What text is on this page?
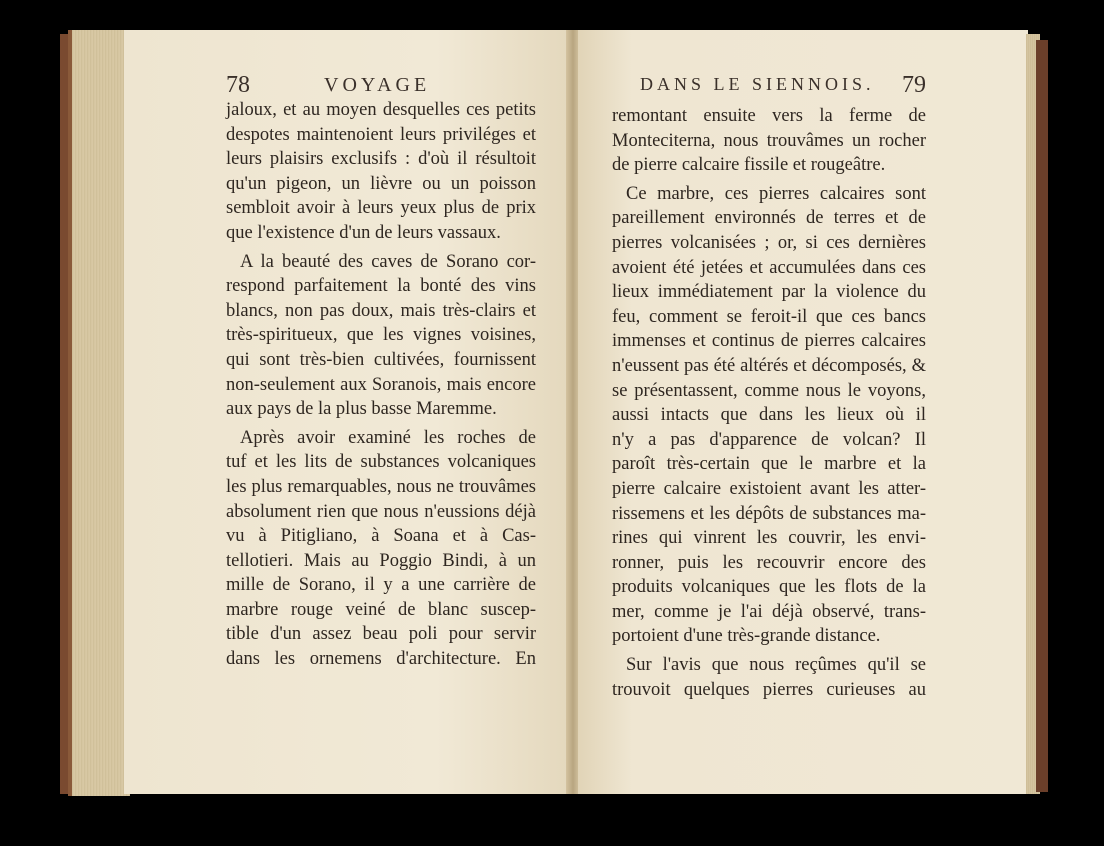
78	VOYAGE	DANS LE SIENNOIS. 79
jaloux, et au moyen desquelles ces petits
despotes maintenoient leurs priviléges et
leurs plaisirs exclusifs : d'où il résultoit
qu'un pigeon, un lièvre ou un poisson
sembloit avoir à leurs yeux plus de prix
que l'existence d'un de leurs vassaux.
A la beauté des caves de Sorano cor-
respond parfaitement la bonté des vins
blancs, non pas doux, mais très-clairs et
très-spiritueux, que les vignes voisines,
qui sont très-bien cultivées, fournissent
non-seulement aux Soranois, mais encore
aux pays de la plus basse Maremme.
Après avoir examiné les roches de
tuf et les lits de substances volcaniques
les plus remarquables, nous ne trouvâmes
absolument rien que nous n'eussions déjà
vu à Pitigliano, à Soana et à Cas-
tellotieri. Mais au Poggio Bindi, à un
mille de Sorano, il y a une carrière de
marbre rouge veiné de blanc suscep-
tible d'un assez beau poli pour servir
dans les ornemens d'architecture. En
remontant ensuite vers la ferme de
Monteciterna, nous trouvâmes un rocher
de pierre calcaire fissile et rougeâtre.
Ce marbre, ces pierres calcaires sont
pareillement environnés de terres et de
pierres volcanisées ; or, si ces dernières
avoient été jetées et accumulées dans ces
lieux immédiatement par la violence du
feu, comment se feroit-il que ces bancs
immenses et continus de pierres calcaires
n'eussent pas été altérés et décomposés, &
se présentassent, comme nous le voyons,
aussi intacts que dans les lieux où il
n'y a pas d'apparence de volcan? Il
paroît très-certain que le marbre et la
pierre calcaire existoient avant les atter-
rissemens et les dépôts de substances ma-
rines qui vinrent les couvrir, les envi-
ronner, puis les recouvrir encore des
produits volcaniques que les flots de la
mer, comme je l'ai déjà observé, trans-
portoient d'une très-grande distance.
Sur l'avis que nous reçûmes qu'il se
trouvoit quelques pierres curieuses au
